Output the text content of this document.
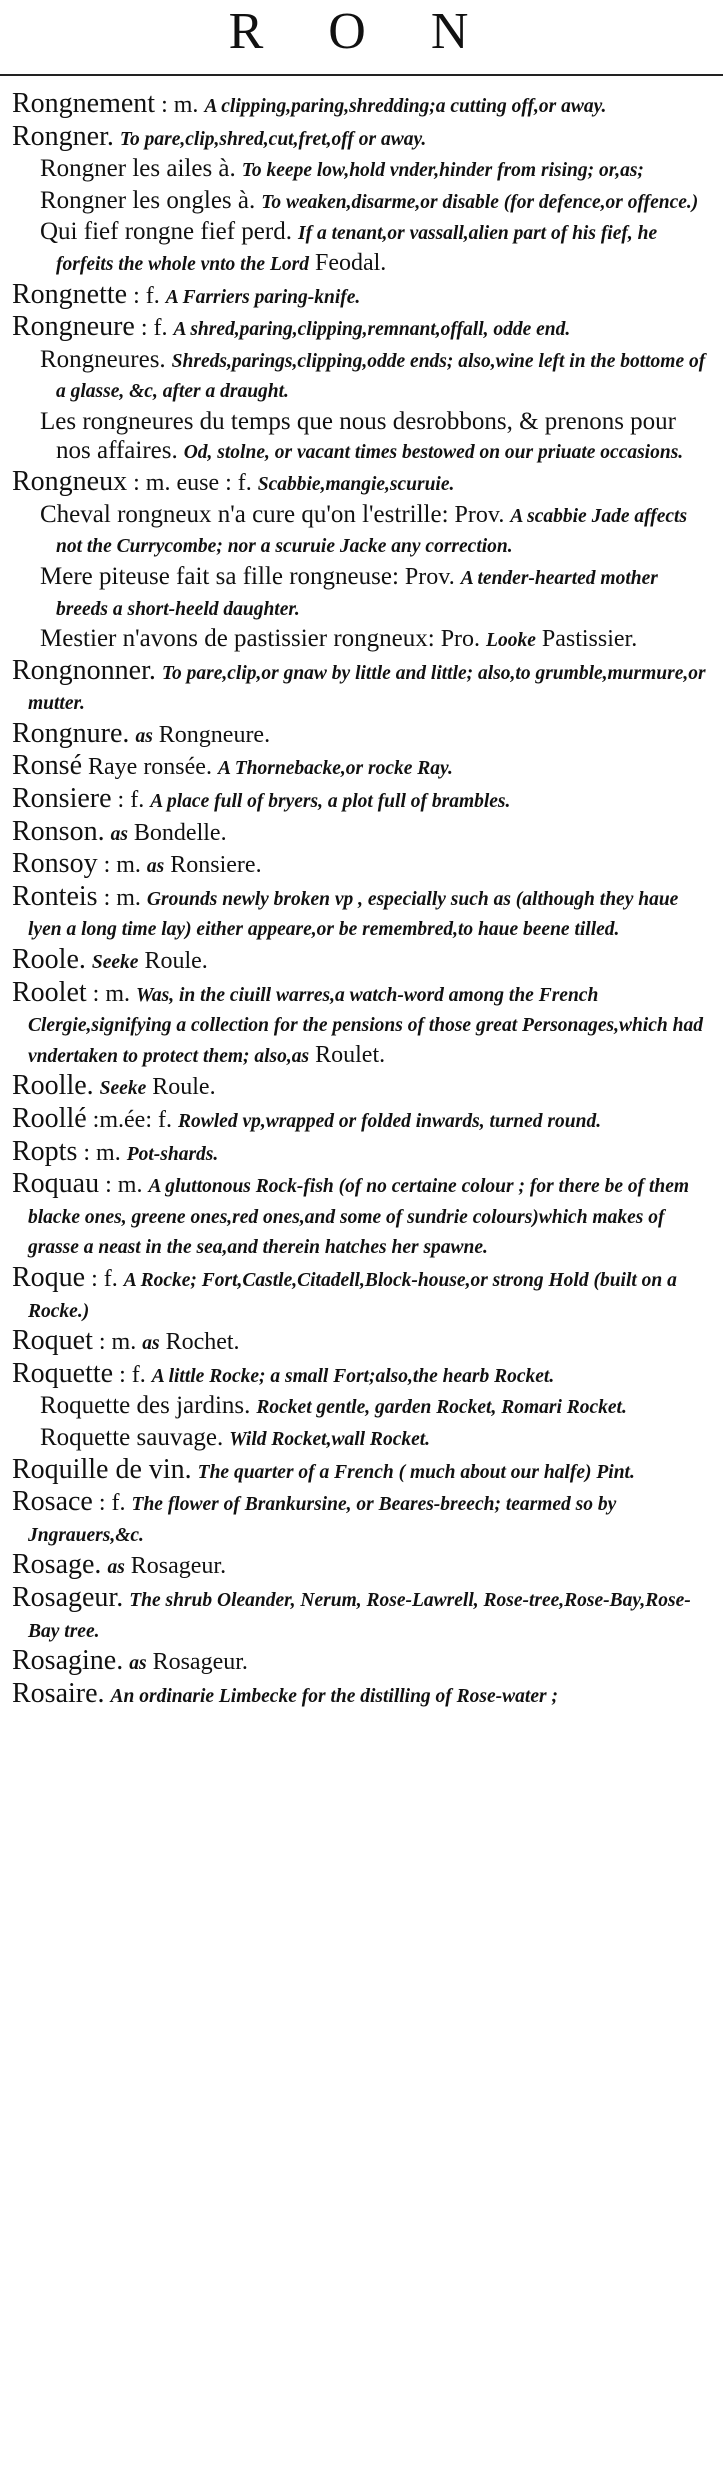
R O N
Rongnement : m. A clipping,paring,shredding;a cutting off,or away.
Rongner. To pare,clip,shred,cut,fret,off or away.
Rongner les ailes à. To keepe low,hold vnder,hinder from rising; or,as;
Rongner les ongles à. To weaken,disarme,or disable (for defence,or offence.)
Qui fief rongne fief perd. If a tenant,or vassall,alien part of his fief, he forfeits the whole vnto the Lord Feodal.
Rongnette : f. A Farriers paring-knife.
Rongneure : f. A shred,paring,clipping,remnant,offall, odde end.
Rongneures. Shreds,parings,clipping,odde ends; also,wine left in the bottome of a glasse, &c, after a draught.
Les rongneures du temps que nous desrobbons, & prenons pour nos affaires. Od, stolne, or vacant times bestowed on our priuate occasions.
Rongneux : m. euse : f. Scabbie,mangie,scuruie.
Cheval rongneux n'a cure qu'on l'estrille: Prov. A scabbie Jade affects not the Currycombe; nor a scuruie Jacke any correction.
Mere piteuse fait sa fille rongneuse: Prov. A tender-hearted mother breeds a short-heeld daughter.
Mestier n'avons de pastissier rongneux: Pro. Looke Pastissier.
Rongnonner. To pare,clip,or gnaw by little and little; also,to grumble,murmure,or mutter.
Rongnure. as Rongneure.
Ronsé Raye ronsée. A Thornebacke,or rocke Ray.
Ronsiere : f. A place full of bryers, a plot full of brambles.
Ronson. as Bondelle.
Ronsoy : m. as Ronsiere.
Ronteis : m. Grounds newly broken vp , especially such as (although they haue lyen a long time lay) either appeare,or be remembred,to haue beene tilled.
Roole. Seeke Roule.
Roolet : m. Was, in the ciuill warres,a watch-word among the French Clergie,signifying a collection for the pensions of those great Personages,which had vndertaken to protect them; also,as Roulet.
Roolle. Seeke Roule.
Roollé :m.ée: f. Rowled vp,wrapped or folded inwards, turned round.
Ropts : m. Pot-shards.
Roquau : m. A gluttonous Rock-fish (of no certaine colour ; for there be of them blacke ones, greene ones,red ones,and some of sundrie colours)which makes of grasse a neast in the sea,and therein hatches her spawne.
Roque : f. A Rocke; Fort,Castle,Citadell,Block-house,or strong Hold (built on a Rocke.)
Roquet : m. as Rochet.
Roquette : f. A little Rocke; a small Fort;also,the hearb Rocket.
Roquette des jardins. Rocket gentle, garden Rocket, Romari Rocket.
Roquette sauvage. Wild Rocket,wall Rocket.
Roquille de vin. The quarter of a French ( much about our halfe) Pint.
Rosace : f. The flower of Brankursine, or Beares-breech; tearmed so by Jngrauers,&c.
Rosage. as Rosageur.
Rosageur. The shrub Oleander, Nerum, Rose-Lawrell, Rose-tree,Rose-Bay,Rose-Bay tree.
Rosagine. as Rosageur.
Rosaire. An ordinarie Limbecke for the distilling of Rose-water ;
